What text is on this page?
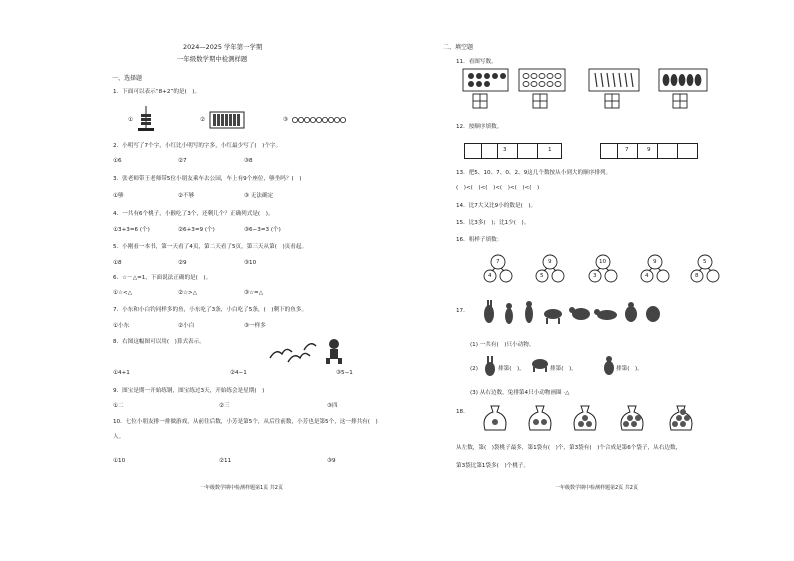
2024—2025 学年第一学期
一年级数学期中检测样题
一、选择题
1．下面可以表示“8+2”的是(　)。
①	②	③
2．小明写了7个字，小红比小明写的字多，小红最少写了(　)个字。
①6	②7	③8
3．张老师带王老师带5位小朋友乘车去公园，车上有9个座位，够坐吗？(　)
①够	②不够	③ 无法确定
4．一共有6个桃子，小猴吃了3个，还剩几个？正确列式是(　)。
①3+3=6 (个)	②6+3=9 (个)	③6−3=3 (个)
5．小刚看一本书，第一天看了4页，第二天看了5页，第三天从第(　)页看起。
①8	②9	③10
6．☆－△=1，下面说法正确的是(　)。
①☆<△	②☆>△	③☆=△
7．小东和小白钓同样多的鱼，小东吃了3条，小白吃了5条，(　)剩下的鱼多。
①小东	②小白	③一样多
8．右图这幅图可以用(　)算式表示。
①4+1	②4−1	③5−1
9．图宝是期一开始练钢，图宝练过3天，开始练会是星期(　)
①二	②三	③四
10．七位小朋友排一排做游戏，从前往后数，小芳是第5个，从后往前数，小芳也是第5个，这一排共有(　)
人。
①10	②11	③9
一年级数学期中检测样题第1页 共2页
二、填空题
11．看图写数。
12．按顺序填数。
3	1	7	9
13．把5、10、7、0、2、9这几个数按从小到大的顺序排列。
(　)<(　)<(　)<(　)<(　)<(　)
14．比7大又比9小的数是(　)。
15．比3多(　)；比1少(　)。
16．租样子填数：
7
4
9
5
10
3
9
4
5
8
17．
(1) 一共有(　)只小动物。
(2)	排第(　)，	排第(　)，	排第(　)。
(3) 从右边数，兔排第4只小动物画圈 ·△
18．
从左数，第(　)袋桃子最多，第1袋有(　)个，第3袋有(　)个合成是第6个袋子，从右边数，
第3袋比第1袋多(　)个桃子。
一年级数学期中检测样题第2页 共2页
